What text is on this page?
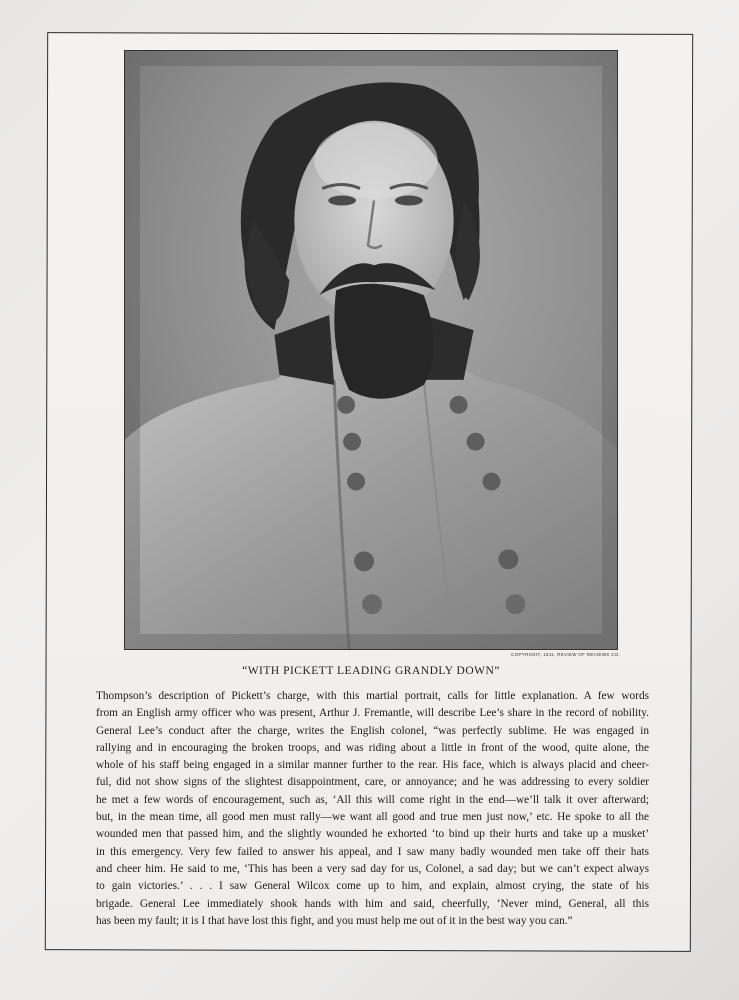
COPYRIGHT, 1911, REVIEW OF REVIEWS CO.
“WITH PICKETT LEADING GRANDLY DOWN”
Thompson’s description of Pickett’s charge, with this martial portrait, calls for little explanation. A few words
from an English army officer who was present, Arthur J. Fremantle, will describe Lee’s share in the record of nobility.
General Lee’s conduct after the charge, writes the English colonel, “was perfectly sublime. He was engaged in
rallying and in encouraging the broken troops, and was riding about a little in front of the wood, quite alone, the
whole of his staff being engaged in a similar manner further to the rear. His face, which is always placid and cheer-
ful, did not show signs of the slightest disappointment, care, or annoyance; and he was addressing to every soldier
he met a few words of encouragement, such as, ‘All this will come right in the end—we’ll talk it over afterward;
but, in the mean time, all good men must rally—we want all good and true men just now,’ etc. He spoke to all the
wounded men that passed him, and the slightly wounded he exhorted ‘to bind up their hurts and take up a musket’
in this emergency. Very few failed to answer his appeal, and I saw many badly wounded men take off their hats
and cheer him. He said to me, ‘This has been a very sad day for us, Colonel, a sad day; but we can’t expect always
to gain victories.’ . . . I saw General Wilcox come up to him, and explain, almost crying, the state of his
brigade. General Lee immediately shook hands with him and said, cheerfully, ‘Never mind, General, all this
has been my fault; it is I that have lost this fight, and you must help me out of it in the best way you can.”
